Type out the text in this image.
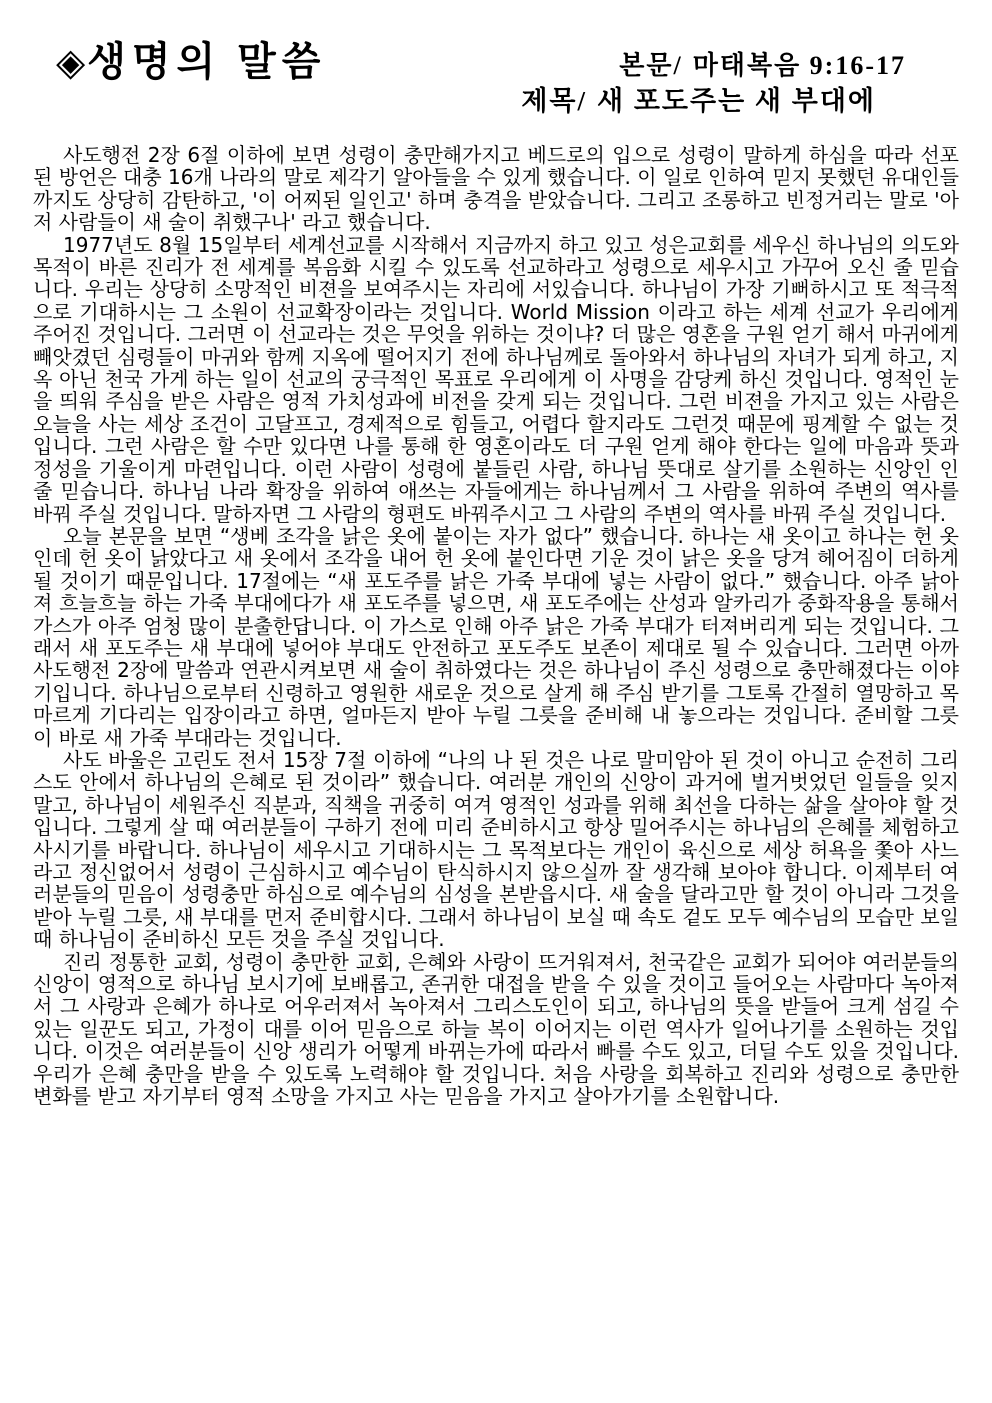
◈생명의 말씀	본문/ 마태복음 9:16-17
제목/ 새 포도주는 새 부대에

사도행전 2장 6절 이하에 보면 성령이 충만해가지고 베드로의 입으로 성령이 말하게 하심을 따라 선포된 방언은 대충 16개 나라의 말로 제각기 알아들을 수 있게 했습니다. 이 일로 인하여 믿지 못했던 유대인들까지도 상당히 감탄하고, '이 어찌된 일인고' 하며 충격을 받았습니다. 그리고 조롱하고 빈정거리는 말로 '아 저 사람들이 새 술이 취했구나' 라고 했습니다.

1977년도 8월 15일부터 세계선교를 시작해서 지금까지 하고 있고 성은교회를 세우신 하나님의 의도와 목적이 바른 진리가 전 세계를 복음화 시킬 수 있도록 선교하라고 성령으로 세우시고 가꾸어 오신 줄 믿습니다. 우리는 상당히 소망적인 비젼을 보여주시는 자리에 서있습니다. 하나님이 가장 기뻐하시고 또 적극적으로 기대하시는 그 소원이 선교확장이라는 것입니다. World Mission 이라고 하는 세계 선교가 우리에게 주어진 것입니다. 그러면 이 선교라는 것은 무엇을 위하는 것이냐? 더 많은 영혼을 구원 얻기 해서 마귀에게 빼앗겼던 심령들이 마귀와 함께 지옥에 떨어지기 전에 하나님께로 돌아와서 하나님의 자녀가 되게 하고, 지옥 아닌 천국 가게 하는 일이 선교의 궁극적인 목표로 우리에게 이 사명을 감당케 하신 것입니다. 영적인 눈을 띄워 주심을 받은 사람은 영적 가치성과에 비전을 갖게 되는 것입니다. 그런 비젼을 가지고 있는 사람은 오늘을 사는 세상 조건이 고달프고, 경제적으로 힘들고, 어렵다 할지라도 그런것 때문에 핑계할 수 없는 것입니다. 그런 사람은 할 수만 있다면 나를 통해 한 영혼이라도 더 구원 얻게 해야 한다는 일에 마음과 뜻과 정성을 기울이게 마련입니다. 이런 사람이 성령에 붙들린 사람, 하나님 뜻대로 살기를 소원하는 신앙인 인줄 믿습니다. 하나님 나라 확장을 위하여 애쓰는 자들에게는 하나님께서 그 사람을 위하여 주변의 역사를 바꿔 주실 것입니다. 말하자면 그 사람의 형편도 바꿔주시고 그 사람의 주변의 역사를 바꿔 주실 것입니다.

오늘 본문을 보면 “생베 조각을 낡은 옷에 붙이는 자가 없다” 했습니다. 하나는 새 옷이고 하나는 헌 옷인데 헌 옷이 낡았다고 새 옷에서 조각을 내어 헌 옷에 붙인다면 기운 것이 낡은 옷을 당겨 헤어짐이 더하게 될 것이기 때문입니다. 17절에는 “새 포도주를 낡은 가죽 부대에 넣는 사람이 없다.” 했습니다. 아주 낡아져 흐늘흐늘 하는 가죽 부대에다가 새 포도주를 넣으면, 새 포도주에는 산성과 알카리가 중화작용을 통해서 가스가 아주 엄청 많이 분출한답니다. 이 가스로 인해 아주 낡은 가죽 부대가 터져버리게 되는 것입니다. 그래서 새 포도주는 새 부대에 넣어야 부대도 안전하고 포도주도 보존이 제대로 될 수 있습니다. 그러면 아까 사도행전 2장에 말씀과 연관시켜보면 새 술이 취하였다는 것은 하나님이 주신 성령으로 충만해졌다는 이야기입니다. 하나님으로부터 신령하고 영원한 새로운 것으로 살게 해 주심 받기를 그토록 간절히 열망하고 목마르게 기다리는 입장이라고 하면, 얼마든지 받아 누릴 그릇을 준비해 내 놓으라는 것입니다. 준비할 그릇이 바로 새 가죽 부대라는 것입니다.

사도 바울은 고린도 전서 15장 7절 이하에 “나의 나 된 것은 나로 말미암아 된 것이 아니고 순전히 그리스도 안에서 하나님의 은혜로 된 것이라” 했습니다. 여러분 개인의 신앙이 과거에 벌거벗었던 일들을 잊지 말고, 하나님이 세원주신 직분과, 직책을 귀중히 여겨 영적인 성과를 위해 최선을 다하는 삶을 살아야 할 것입니다. 그렇게 살 때 여러분들이 구하기 전에 미리 준비하시고 항상 밀어주시는 하나님의 은혜를 체험하고 사시기를 바랍니다. 하나님이 세우시고 기대하시는 그 목적보다는 개인이 육신으로 세상 허욕을 쫓아 사느라고 정신없어서 성령이 근심하시고 예수님이 탄식하시지 않으실까 잘 생각해 보아야 합니다. 이제부터 여러분들의 믿음이 성령충만 하심으로 예수님의 심성을 본받읍시다. 새 술을 달라고만 할 것이 아니라 그것을 받아 누릴 그릇, 새 부대를 먼저 준비합시다. 그래서 하나님이 보실 때 속도 겉도 모두 예수님의 모습만 보일 때 하나님이 준비하신 모든 것을 주실 것입니다.

진리 정통한 교회, 성령이 충만한 교회, 은혜와 사랑이 뜨거워져서, 천국같은 교회가 되어야 여러분들의 신앙이 영적으로 하나님 보시기에 보배롭고, 존귀한 대접을 받을 수 있을 것이고 들어오는 사람마다 녹아져서 그 사랑과 은혜가 하나로 어우러져서 녹아져서 그리스도인이 되고, 하나님의 뜻을 받들어 크게 섬길 수 있는 일꾼도 되고, 가정이 대를 이어 믿음으로 하늘 복이 이어지는 이런 역사가 일어나기를 소원하는 것입니다. 이것은 여러분들이 신앙 생리가 어떻게 바뀌는가에 따라서 빠를 수도 있고, 더딜 수도 있을 것입니다. 우리가 은혜 충만을 받을 수 있도록 노력해야 할 것입니다. 처음 사랑을 회복하고 진리와 성령으로 충만한 변화를 받고 자기부터 영적 소망을 가지고 사는 믿음을 가지고 살아가기를 소원합니다.
